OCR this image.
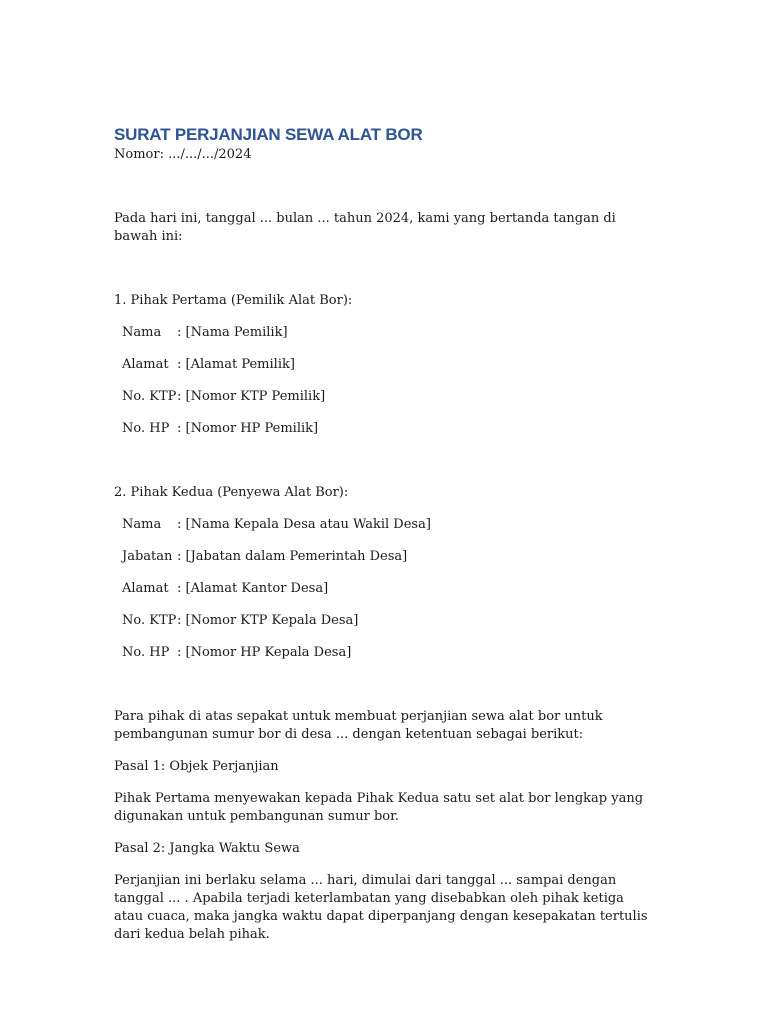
SURAT PERJANJIAN SEWA ALAT BOR

Nomor: .../.../.../2024

Pada hari ini, tanggal ... bulan ... tahun 2024, kami yang bertanda tangan di bawah ini:

1. Pihak Pertama (Pemilik Alat Bor):

Nama	: [Nama Pemilik]
Alamat : [Alamat Pemilik]
No. KTP : [Nomor KTP Pemilik]
No. HP : [Nomor HP Pemilik]

2. Pihak Kedua (Penyewa Alat Bor):

Nama	: [Nama Kepala Desa atau Wakil Desa]
Jabatan : [Jabatan dalam Pemerintah Desa]
Alamat : [Alamat Kantor Desa]
No. KTP : [Nomor KTP Kepala Desa]
No. HP : [Nomor HP Kepala Desa]

Para pihak di atas sepakat untuk membuat perjanjian sewa alat bor untuk pembangunan sumur bor di desa ... dengan ketentuan sebagai berikut:

Pasal 1: Objek Perjanjian

Pihak Pertama menyewakan kepada Pihak Kedua satu set alat bor lengkap yang digunakan untuk pembangunan sumur bor.

Pasal 2: Jangka Waktu Sewa

Perjanjian ini berlaku selama ... hari, dimulai dari tanggal ... sampai dengan tanggal ... . Apabila terjadi keterlambatan yang disebabkan oleh pihak ketiga atau cuaca, maka jangka waktu dapat diperpanjang dengan kesepakatan tertulis dari kedua belah pihak.
